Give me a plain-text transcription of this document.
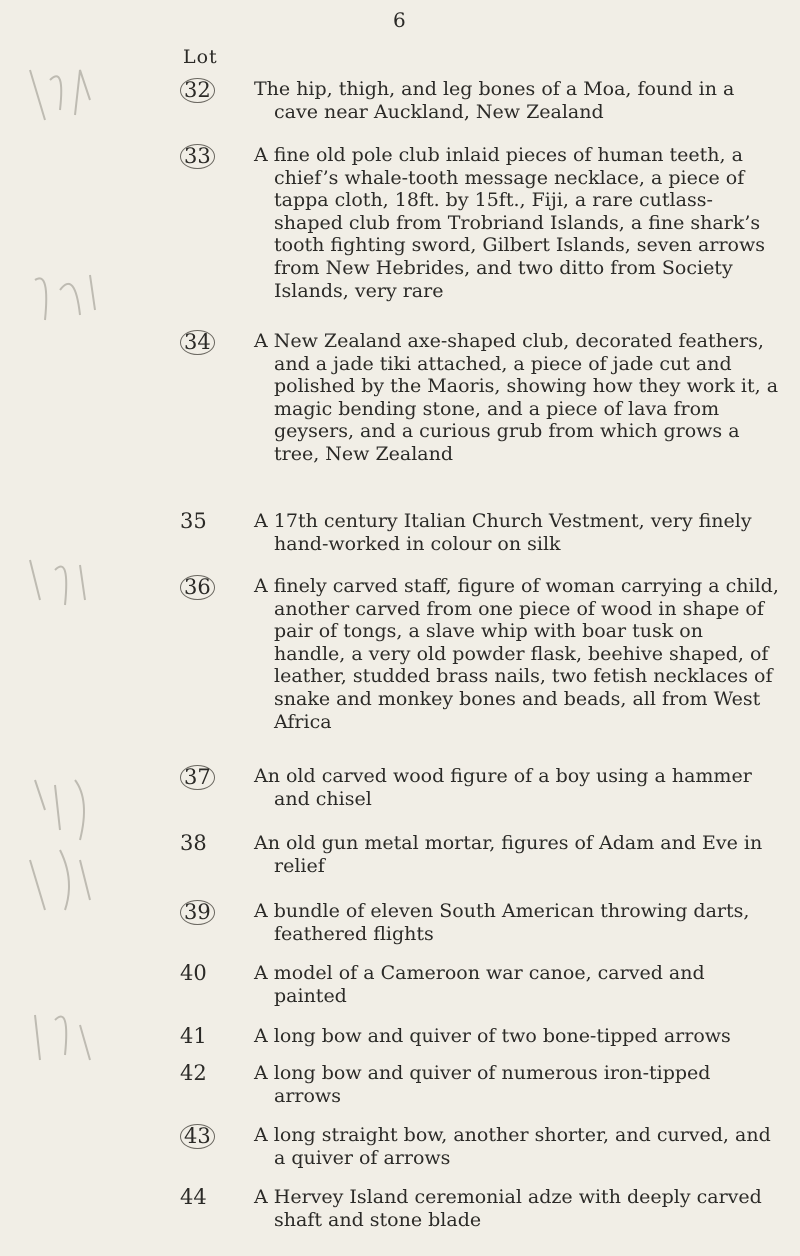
6
Lot
32	The hip, thigh, and leg bones of a Moa, found in a cave near Auckland, New Zealand
33	A fine old pole club inlaid pieces of human teeth, a chief’s whale-tooth message necklace, a piece of tappa cloth, 18ft. by 15ft., Fiji, a rare cutlass-shaped club from Trobriand Islands, a fine shark’s tooth fighting sword, Gilbert Islands, seven arrows from New Hebrides, and two ditto from Society Islands, very rare
34	A New Zealand axe-shaped club, decorated feathers, and a jade tiki attached, a piece of jade cut and polished by the Maoris, showing how they work it, a magic bending stone, and a piece of lava from geysers, and a curious grub from which grows a tree, New Zealand
35	A 17th century Italian Church Vestment, very finely hand-worked in colour on silk
36	A finely carved staff, figure of woman carrying a child, another carved from one piece of wood in shape of pair of tongs, a slave whip with boar tusk on handle, a very old powder flask, beehive shaped, of leather, studded brass nails, two fetish necklaces of snake and monkey bones and beads, all from West Africa
37	An old carved wood figure of a boy using a hammer and chisel
38	An old gun metal mortar, figures of Adam and Eve in relief
39	A bundle of eleven South American throwing darts, feathered flights
40	A model of a Cameroon war canoe, carved and painted
41	A long bow and quiver of two bone-tipped arrows
42	A long bow and quiver of numerous iron-tipped arrows
43	A long straight bow, another shorter, and curved, and a quiver of arrows
44	A Hervey Island ceremonial adze with deeply carved shaft and stone blade
